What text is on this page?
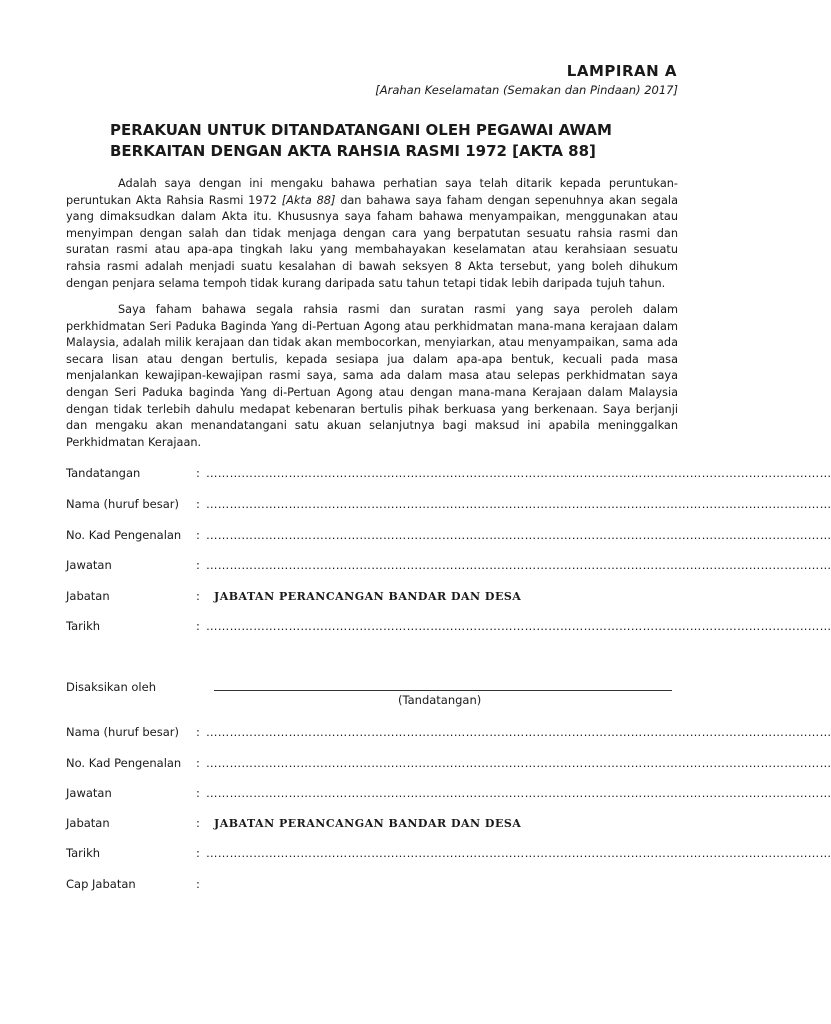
LAMPIRAN A
[Arahan Keselamatan (Semakan dan Pindaan) 2017]
PERAKUAN UNTUK DITANDATANGANI OLEH PEGAWAI AWAM
BERKAITAN DENGAN AKTA RAHSIA RASMI 1972 [AKTA 88]
Adalah saya dengan ini mengaku bahawa perhatian saya telah ditarik kepada peruntukan-peruntukan Akta Rahsia Rasmi 1972 [Akta 88] dan bahawa saya faham dengan sepenuhnya akan segala yang dimaksudkan dalam Akta itu. Khususnya saya faham bahawa menyampaikan, menggunakan atau menyimpan dengan salah dan tidak menjaga dengan cara yang berpatutan sesuatu rahsia rasmi dan suratan rasmi atau apa-apa tingkah laku yang membahayakan keselamatan atau kerahsiaan sesuatu rahsia rasmi adalah menjadi suatu kesalahan di bawah seksyen 8 Akta tersebut, yang boleh dihukum dengan penjara selama tempoh tidak kurang daripada satu tahun tetapi tidak lebih daripada tujuh tahun.
Saya faham bahawa segala rahsia rasmi dan suratan rasmi yang saya peroleh dalam perkhidmatan Seri Paduka Baginda Yang di-Pertuan Agong atau perkhidmatan mana-mana kerajaan dalam Malaysia, adalah milik kerajaan dan tidak akan membocorkan, menyiarkan, atau menyampaikan, sama ada secara lisan atau dengan bertulis, kepada sesiapa jua dalam apa-apa bentuk, kecuali pada masa menjalankan kewajipan-kewajipan rasmi saya, sama ada dalam masa atau selepas perkhidmatan saya dengan Seri Paduka baginda Yang di-Pertuan Agong atau dengan mana-mana Kerajaan dalam Malaysia dengan tidak terlebih dahulu medapat kebenaran bertulis pihak berkuasa yang berkenaan. Saya berjanji dan mengaku akan menandatangani satu akuan selanjutnya bagi maksud ini apabila meninggalkan Perkhidmatan Kerajaan.
Tandatangan	: ……………………………………………………………………………………………………………………………………………
Nama (huruf besar) : ……………………………………………………………………………………………………………………………………………
No. Kad Pengenalan : ……………………………………………………………………………………………………………………………………………
Jawatan	: ……………………………………………………………………………………………………………………………………………
Jabatan	: JABATAN PERANCANGAN BANDAR DAN DESA
Tarikh	: ……………………………………………………………………………………………………………………………………………
Disaksikan oleh
(Tandatangan)
Nama (huruf besar) : ……………………………………………………………………………………………………………………………………………
No. Kad Pengenalan : ……………………………………………………………………………………………………………………………………………
Jawatan	: ……………………………………………………………………………………………………………………………………………
Jabatan	: JABATAN PERANCANGAN BANDAR DAN DESA
Tarikh	: ……………………………………………………………………………………………………………………………………………
Cap Jabatan	:
